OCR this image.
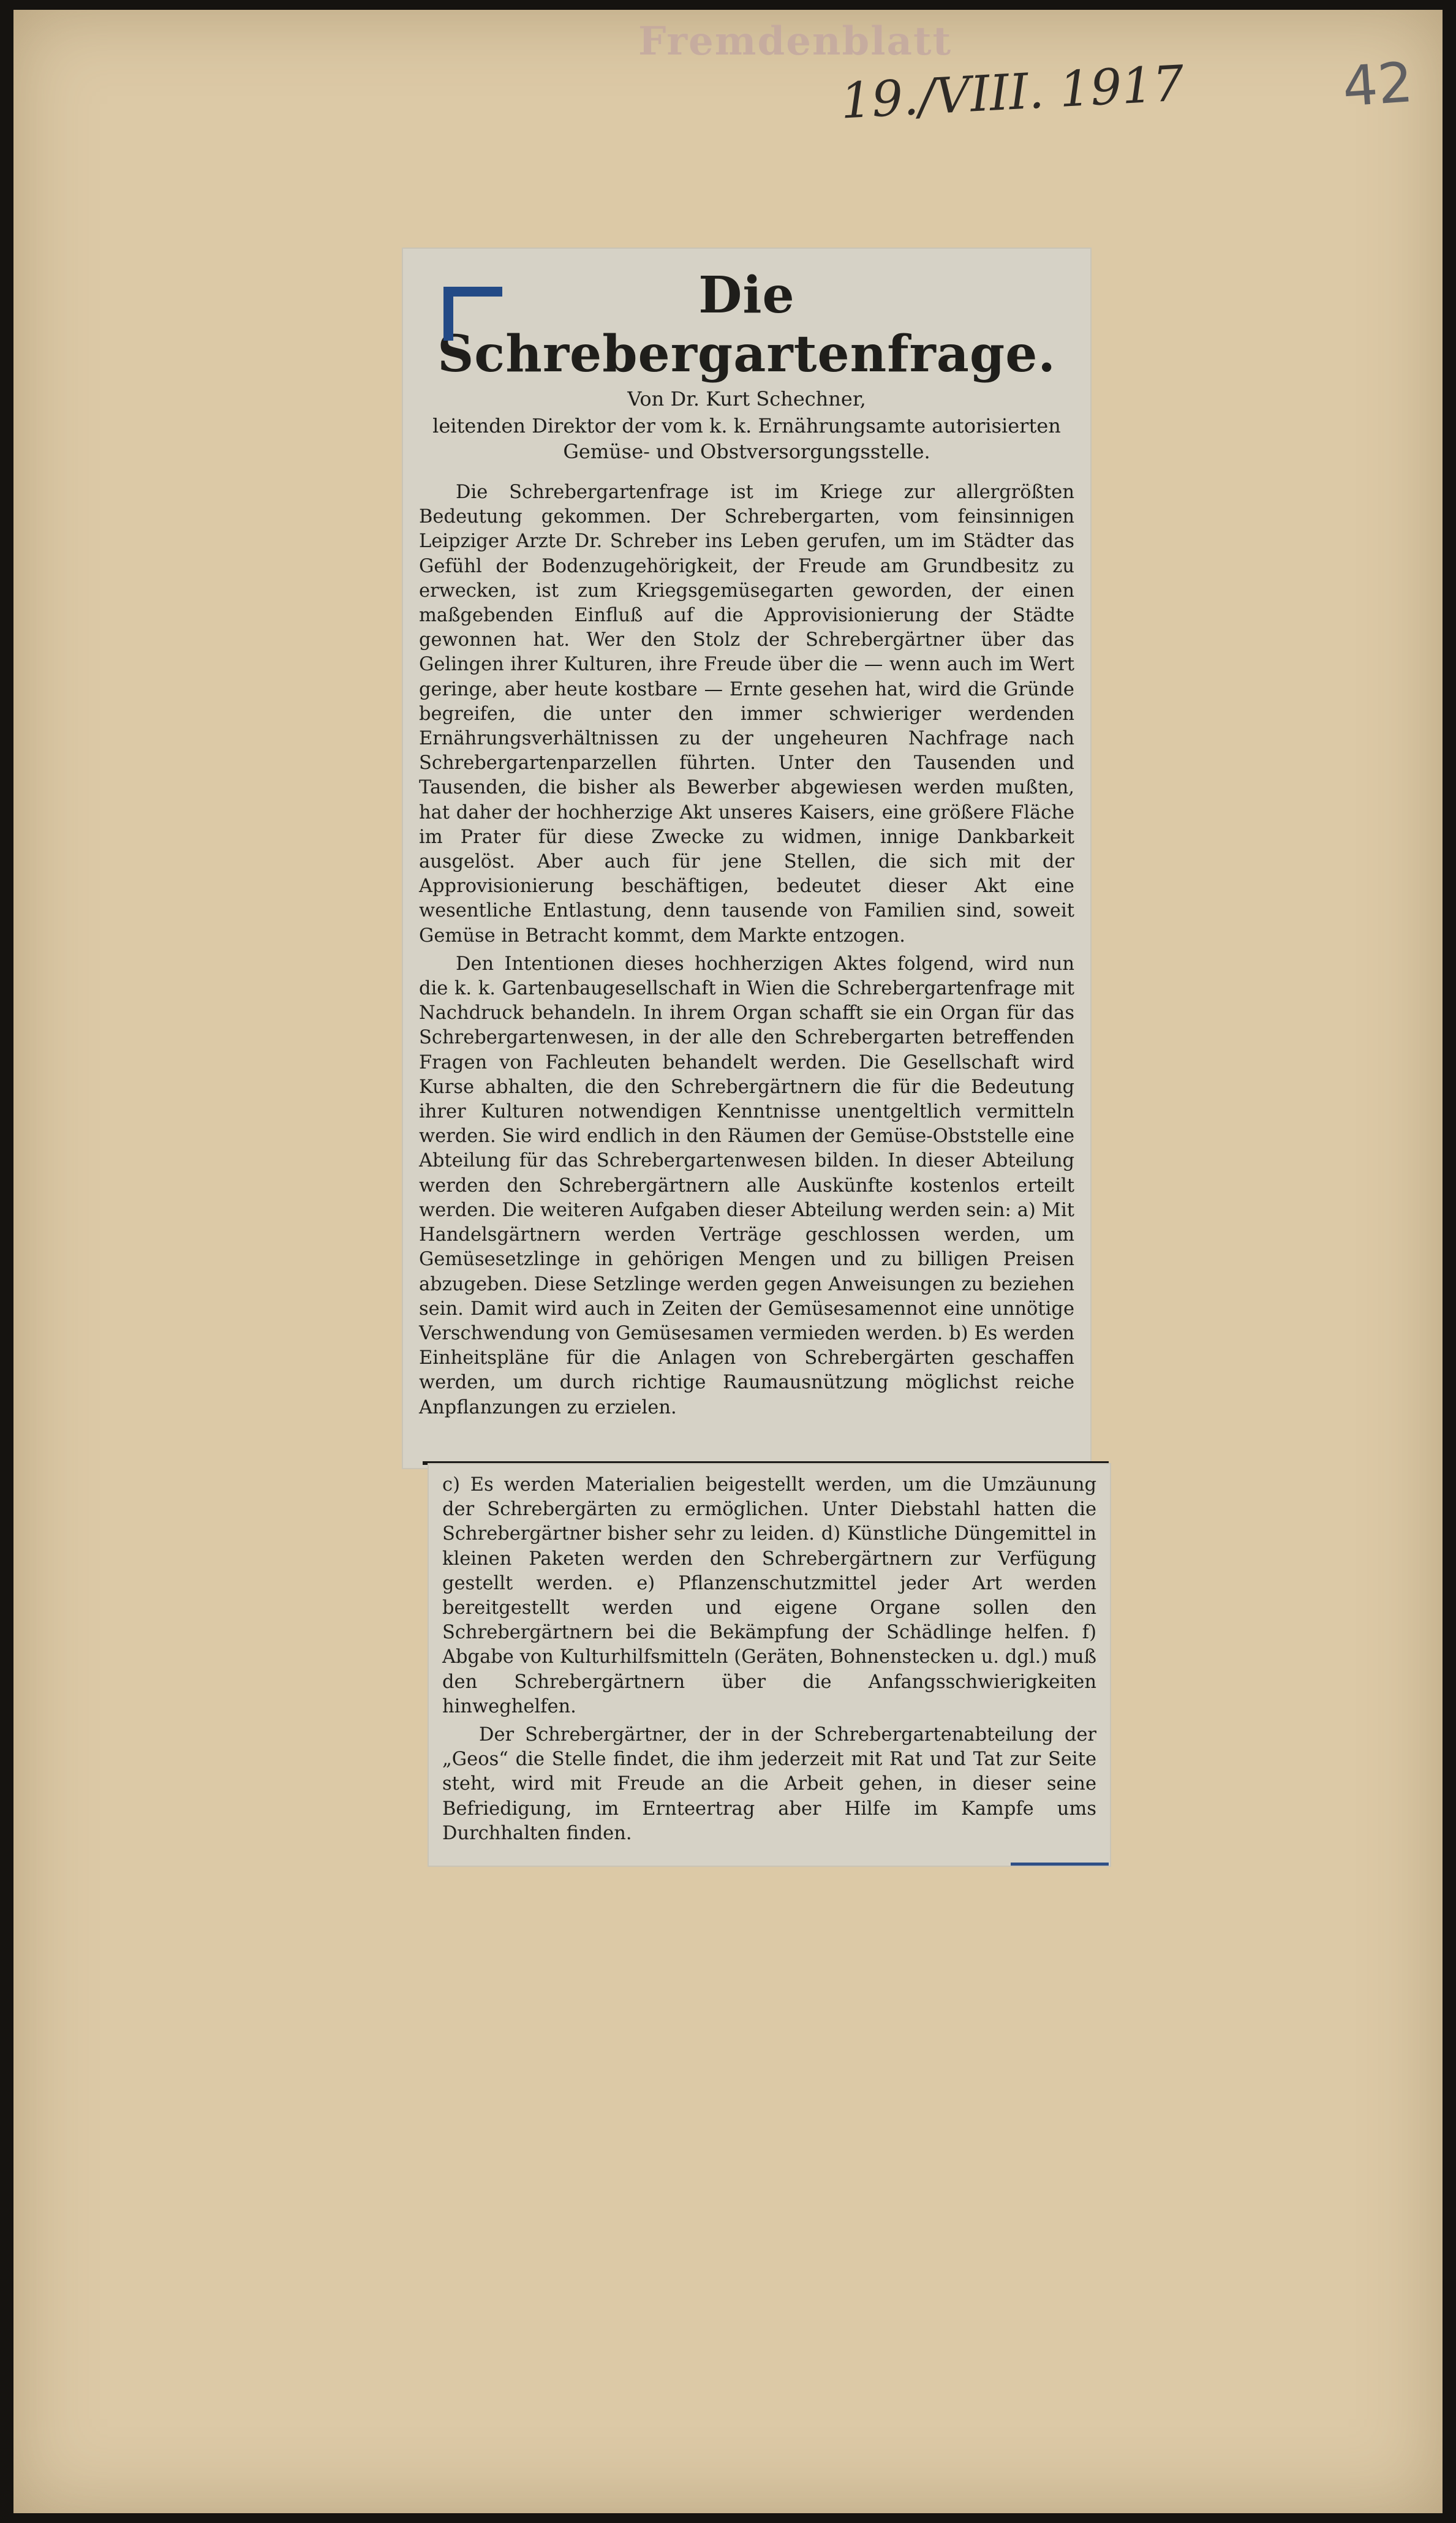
Fremdenblatt
19./VIII. 1917	42
Die Schrebergartenfrage.
Von Dr. Kurt Schechner,
leitenden Direktor der vom k. k. Ernährungsamte autorisierten Gemüse- und Obstversorgungsstelle.

Die Schrebergartenfrage ist im Kriege zur allergrößten Bedeutung gekommen. Der Schrebergarten, vom feinsinnigen Leipziger Arzte Dr. Schreber ins Leben gerufen, um im Städter das Gefühl der Bodenzugehörigkeit, der Freude am Grundbesitz zu erwecken, ist zum Kriegsgemüsegarten geworden, der einen maßgebenden Einfluß auf die Approvisionierung der Städte gewonnen hat. Wer den Stolz der Schrebergärtner über das Gelingen ihrer Kulturen, ihre Freude über die — wenn auch im Wert geringe, aber heute kostbare — Ernte gesehen hat, wird die Gründe begreifen, die unter den immer schwieriger werdenden Ernährungsverhältnissen zu der ungeheuren Nachfrage nach Schrebergartenparzellen führten. Unter den Tausenden und Tausenden, die bisher als Bewerber abgewiesen werden mußten, hat daher der hochherzige Akt unseres Kaisers, eine größere Fläche im Prater für diese Zwecke zu widmen, innige Dankbarkeit ausgelöst. Aber auch für jene Stellen, die sich mit der Approvisionierung beschäftigen, bedeutet dieser Akt eine wesentliche Entlastung, denn tausende von Familien sind, soweit Gemüse in Betracht kommt, dem Markte entzogen.

Den Intentionen dieses hochherzigen Aktes folgend, wird nun die k. k. Gartenbaugesellschaft in Wien die Schrebergartenfrage mit Nachdruck behandeln. In ihrem Organ schafft sie ein Organ für das Schrebergartenwesen, in der alle den Schrebergarten betreffenden Fragen von Fachleuten behandelt werden. Die Gesellschaft wird Kurse abhalten, die den Schrebergärtnern die für die Bedeutung ihrer Kulturen notwendigen Kenntnisse unentgeltlich vermitteln werden. Sie wird endlich in den Räumen der Gemüse-Obststelle eine Abteilung für das Schrebergartenwesen bilden. In dieser Abteilung werden den Schrebergärtnern alle Auskünfte kostenlos erteilt werden. Die weiteren Aufgaben dieser Abteilung werden sein: a) Mit Handelsgärtnern werden Verträge geschlossen werden, um Gemüsesetzlinge in gehörigen Mengen und zu billigen Preisen abzugeben. Diese Setzlinge werden gegen Anweisungen zu beziehen sein. Damit wird auch in Zeiten der Gemüsesamennot eine unnötige Verschwendung von Gemüsesamen vermieden werden. b) Es werden Einheitspläne für die Anlagen von Schrebergärten geschaffen werden, um durch richtige Raumausnützung möglichst reiche Anpflanzungen zu erzielen.

c) Es werden Materialien beigestellt werden, um die Umzäunung der Schrebergärten zu ermöglichen. Unter Diebstahl hatten die Schrebergärtner bisher sehr zu leiden. d) Künstliche Düngemittel in kleinen Paketen werden den Schrebergärtnern zur Verfügung gestellt werden. e) Pflanzenschutzmittel jeder Art werden bereitgestellt werden und eigene Organe sollen den Schrebergärtnern bei die Bekämpfung der Schädlinge helfen. f) Abgabe von Kulturhilfsmitteln (Geräten, Bohnenstecken u. dgl.) muß den Schrebergärtnern über die Anfangsschwierigkeiten hinweghelfen.

Der Schrebergärtner, der in der Schrebergartenabteilung der „Geos“ die Stelle findet, die ihm jederzeit mit Rat und Tat zur Seite steht, wird mit Freude an die Arbeit gehen, in dieser seine Befriedigung, im Ernteertrag aber Hilfe im Kampfe ums Durchhalten finden.
